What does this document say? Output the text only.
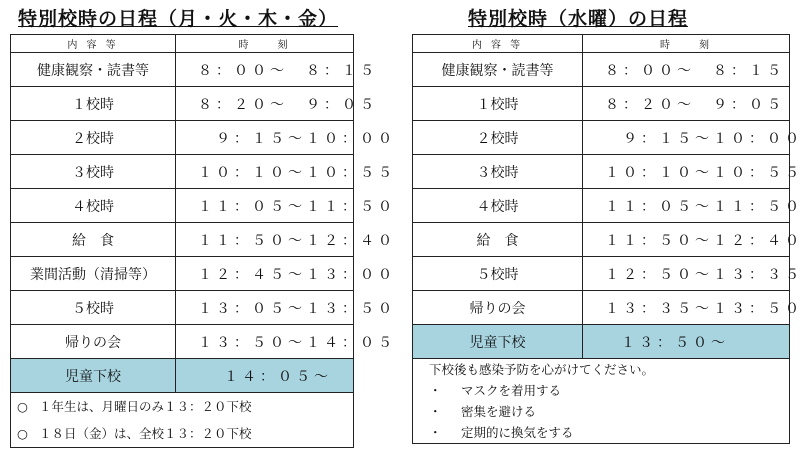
特別校時の日程（月・火・木・金）
内 容 等	時　　刻
健康観察・読書等	８：００～　８：１５
１校時	８：２０～　９：０５
２校時	　９：１５～１０：００
３校時	１０：１０～１０：５５
４校時	１１：０５～１１：５０
給　食	１１：５０～１２：４０
業間活動（清掃等）	１２：４５～１３：００
５校時	１３：０５～１３：５０
帰りの会	１３：５０～１４：０５
児童下校	１４：０５～
○ １年生は、月曜日のみ１３：２０下校
○ １８日（金）は、全校１３：２０下校
特別校時（水曜）の日程
内 容 等	時　　刻
健康観察・読書等	８：００～　８：１５
１校時	８：２０～　９：０５
２校時	　９：１５～１０：００
３校時	１０：１０～１０：５５
４校時	１１：０５～１１：５０
給　食	１１：５０～１２：４０
５校時	１２：５０～１３：３５
帰りの会	１３：３５～１３：５０
児童下校	１３：５０～
下校後も感染予防を心がけてください。
・ マスクを着用する
・ 密集を避ける
・ 定期的に換気をする
